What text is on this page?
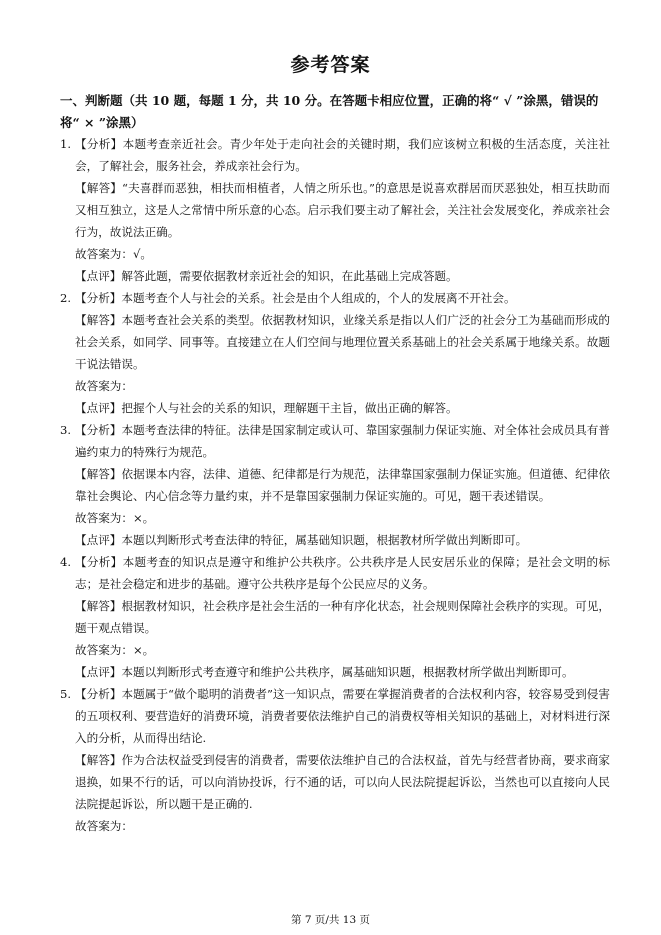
参考答案
一、判断题（共 10 题，每题 1 分，共 10 分。在答题卡相应位置，正确的将“ √ ”涂黑，错误的将“ × ”涂黑）
1. 【分析】本题考查亲近社会。青少年处于走向社会的关键时期，我们应该树立积极的生活态度，关注社会，了解社会，服务社会，养成亲社会行为。
【解答】“夫喜群而恶独，相扶而相植者，人情之所乐也。”的意思是说喜欢群居而厌恶独处，相互扶助而又相互独立，这是人之常情中所乐意的心态。启示我们要主动了解社会，关注社会发展变化，养成亲社会行为，故说法正确。
故答案为：√。
【点评】解答此题，需要依据教材亲近社会的知识，在此基础上完成答题。
2. 【分析】本题考查个人与社会的关系。社会是由个人组成的，个人的发展离不开社会。
【解答】本题考查社会关系的类型。依据教材知识，业缘关系是指以人们广泛的社会分工为基础而形成的社会关系，如同学、同事等。直接建立在人们空间与地理位置关系基础上的社会关系属于地缘关系。故题干说法错误。
故答案为：
【点评】把握个人与社会的关系的知识，理解题干主旨，做出正确的解答。
3. 【分析】本题考查法律的特征。法律是国家制定或认可、靠国家强制力保证实施、对全体社会成员具有普遍约束力的特殊行为规范。
【解答】依据课本内容，法律、道德、纪律都是行为规范，法律靠国家强制力保证实施。但道德、纪律依靠社会舆论、内心信念等力量约束，并不是靠国家强制力保证实施的。可见，题干表述错误。
故答案为：×。
【点评】本题以判断形式考查法律的特征，属基础知识题，根据教材所学做出判断即可。
4. 【分析】本题考查的知识点是遵守和维护公共秩序。公共秩序是人民安居乐业的保障；是社会文明的标志；是社会稳定和进步的基础。遵守公共秩序是每个公民应尽的义务。
【解答】根据教材知识，社会秩序是社会生活的一种有序化状态，社会规则保障社会秩序的实现。可见，题干观点错误。
故答案为：×。
【点评】本题以判断形式考查遵守和维护公共秩序，属基础知识题，根据教材所学做出判断即可。
5. 【分析】本题属于“做个聪明的消费者”这一知识点，需要在掌握消费者的合法权利内容，较容易受到侵害的五项权利、要营造好的消费环境，消费者要依法维护自己的消费权等相关知识的基础上，对材料进行深入的分析，从而得出结论.
【解答】作为合法权益受到侵害的消费者，需要依法维护自己的合法权益，首先与经营者协商，要求商家退换，如果不行的话，可以向消协投诉，行不通的话，可以向人民法院提起诉讼，当然也可以直接向人民法院提起诉讼，所以题干是正确的.
故答案为：
第 7 页/共 13 页
